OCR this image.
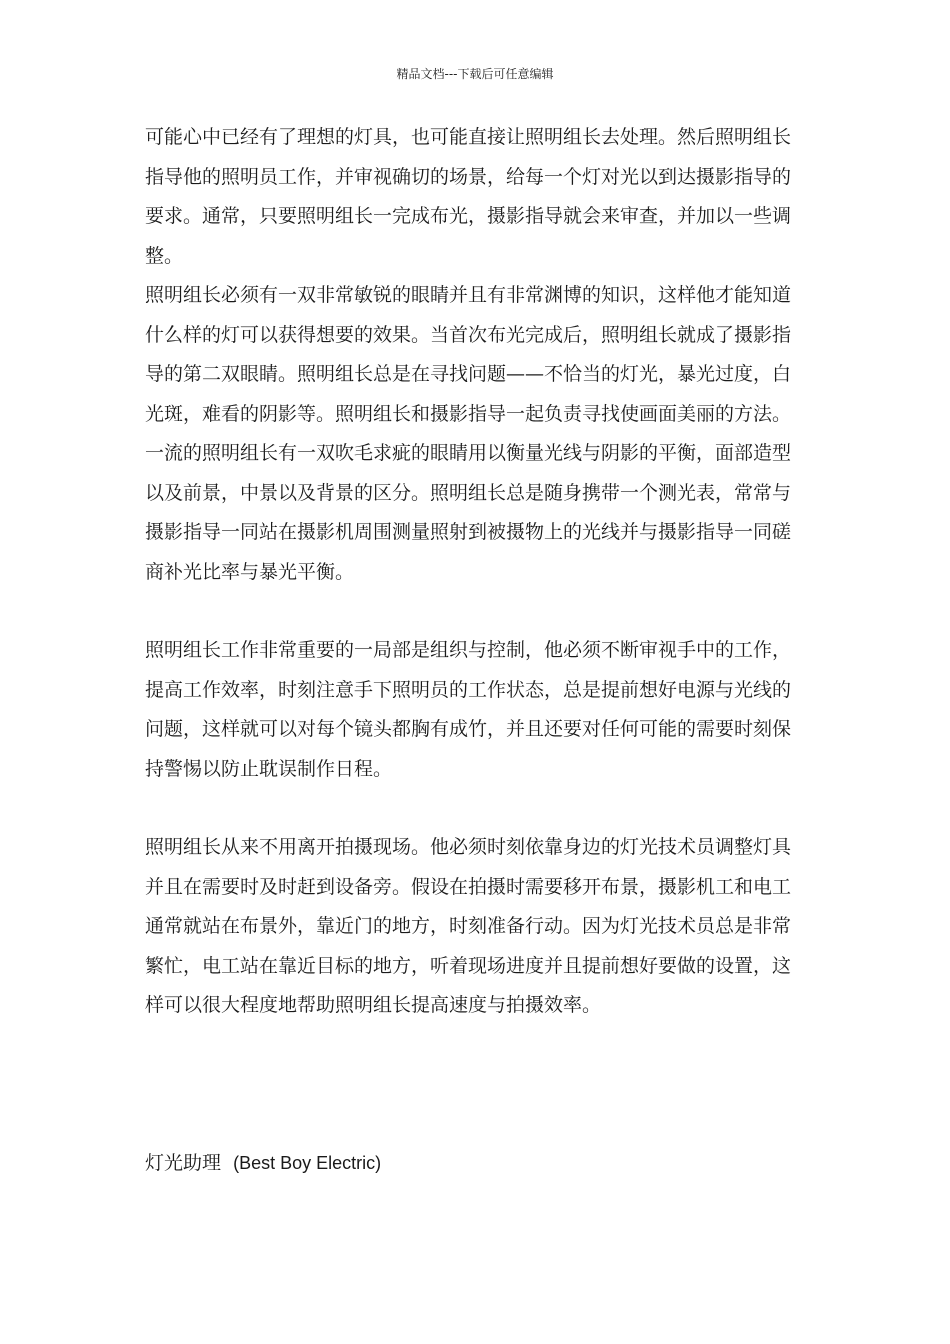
精品文档---下载后可任意编辑

可能心中已经有了理想的灯具，也可能直接让照明组长去处理。然后照明组长指导他的照明员工作，并审视确切的场景，给每一个灯对光以到达摄影指导的要求。通常，只要照明组长一完成布光，摄影指导就会来审查，并加以一些调整。

照明组长必须有一双非常敏锐的眼睛并且有非常渊博的知识，这样他才能知道什么样的灯可以获得想要的效果。当首次布光完成后，照明组长就成了摄影指导的第二双眼睛。照明组长总是在寻找问题——不恰当的灯光，暴光过度，白光斑，难看的阴影等。照明组长和摄影指导一起负责寻找使画面美丽的方法。

一流的照明组长有一双吹毛求疵的眼睛用以衡量光线与阴影的平衡，面部造型以及前景，中景以及背景的区分。照明组长总是随身携带一个测光表，常常与摄影指导一同站在摄影机周围测量照射到被摄物上的光线并与摄影指导一同磋商补光比率与暴光平衡。

照明组长工作非常重要的一局部是组织与控制，他必须不断审视手中的工作，提高工作效率，时刻注意手下照明员的工作状态，总是提前想好电源与光线的问题，这样就可以对每个镜头都胸有成竹，并且还要对任何可能的需要时刻保持警惕以防止耽误制作日程。

照明组长从来不用离开拍摄现场。他必须时刻依靠身边的灯光技术员调整灯具并且在需要时及时赶到设备旁。假设在拍摄时需要移开布景，摄影机工和电工通常就站在布景外，靠近门的地方，时刻准备行动。因为灯光技术员总是非常繁忙，电工站在靠近目标的地方，听着现场进度并且提前想好要做的设置，这样可以很大程度地帮助照明组长提高速度与拍摄效率。

灯光助理 (Best Boy Electric)
